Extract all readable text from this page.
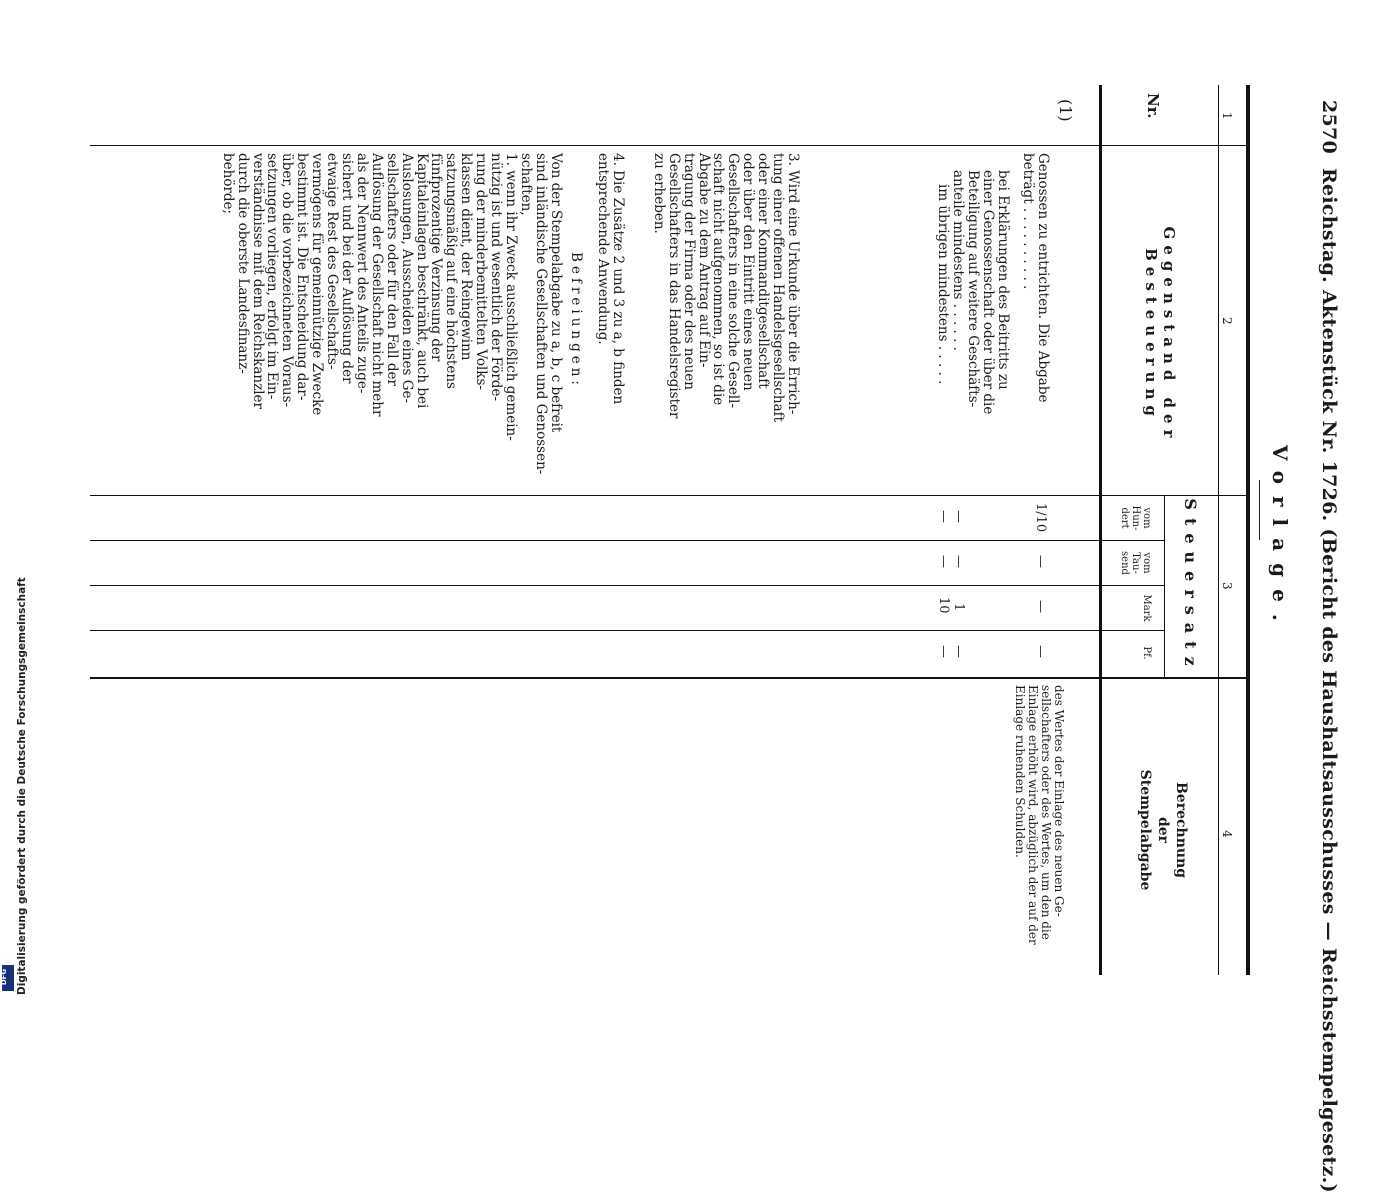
2570  Reichstag. Aktenstück Nr. 1726. (Bericht des Haushaltsausschusses — Reichsstempelgesetz.)
Vorlage.
1
2
3
4
Nr.
Gegenstand der Besteuerung
Steuersatz
vom Hun- dert
vom Tau- send
Mark
Pf.
Berechnung
der
Stempelabgabe
(1)

Genossen zu entrichten. Die Abgabe

beträgt . . . . . . . . . .

bei Erklärungen des Beitritts zu

einer Genossenschaft oder über die

Beteiligung auf weitere Geschäfts-

anteile mindestens . . . . . .

im übrigen mindestens . . . . .

3. Wird eine Urkunde über die Errich-

tung einer offenen Handelsgesellschaft

oder einer Kommanditgesellschaft

oder über den Eintritt eines neuen

Gesellschafters in eine solche Gesell-

schaft nicht aufgenommen, so ist die

Abgabe zu dem Antrag auf Ein-

tragung der Firma oder des neuen

Gesellschafters in das Handelsregister

zu erheben.

4. Die Zusätze 2 und 3 zu a, b finden

entsprechende Anwendung.

Befreiungen:

Von der Stempelabgabe zu a, b, c befreit

sind inländische Gesellschaften und Genossen-

schaften,

1. wenn ihr Zweck ausschließlich gemein-

nützig ist und wesentlich der Förde-

rung der minderbemittelten Volks-

klassen dient, der Reingewinn

satzungsmäßig auf eine höchstens

fünfprozentige Verzinsung der

Kapitaleinlagen beschränkt, auch bei

Auslosungen, Ausscheiden eines Ge-

sellschafters oder für den Fall der

Auflösung der Gesellschaft nicht mehr

als der Nennwert des Anteils zuge-

sichert und bei der Auflösung der

etwaige Rest des Gesellschafts-

vermögens für gemeinnützige Zwecke

bestimmt ist. Die Entscheidung dar-

über, ob die vorbezeichneten Voraus-

setzungen vorliegen, erfolgt im Ein-

verständnisse mit dem Reichskanzler

durch die oberste Landesfinanz-

behörde;

1/10
—
—
—
—
—
1
—
—
—
10
—
des Wertes der Einlage des neuen Ge- sellschafters oder des Wertes, um den die Einlage erhöht wird, abzüglich der auf der Einlage ruhenden Schulden.
Digitalisierung gefördert durch die Deutsche Forschungsgemeinschaft
DFG
